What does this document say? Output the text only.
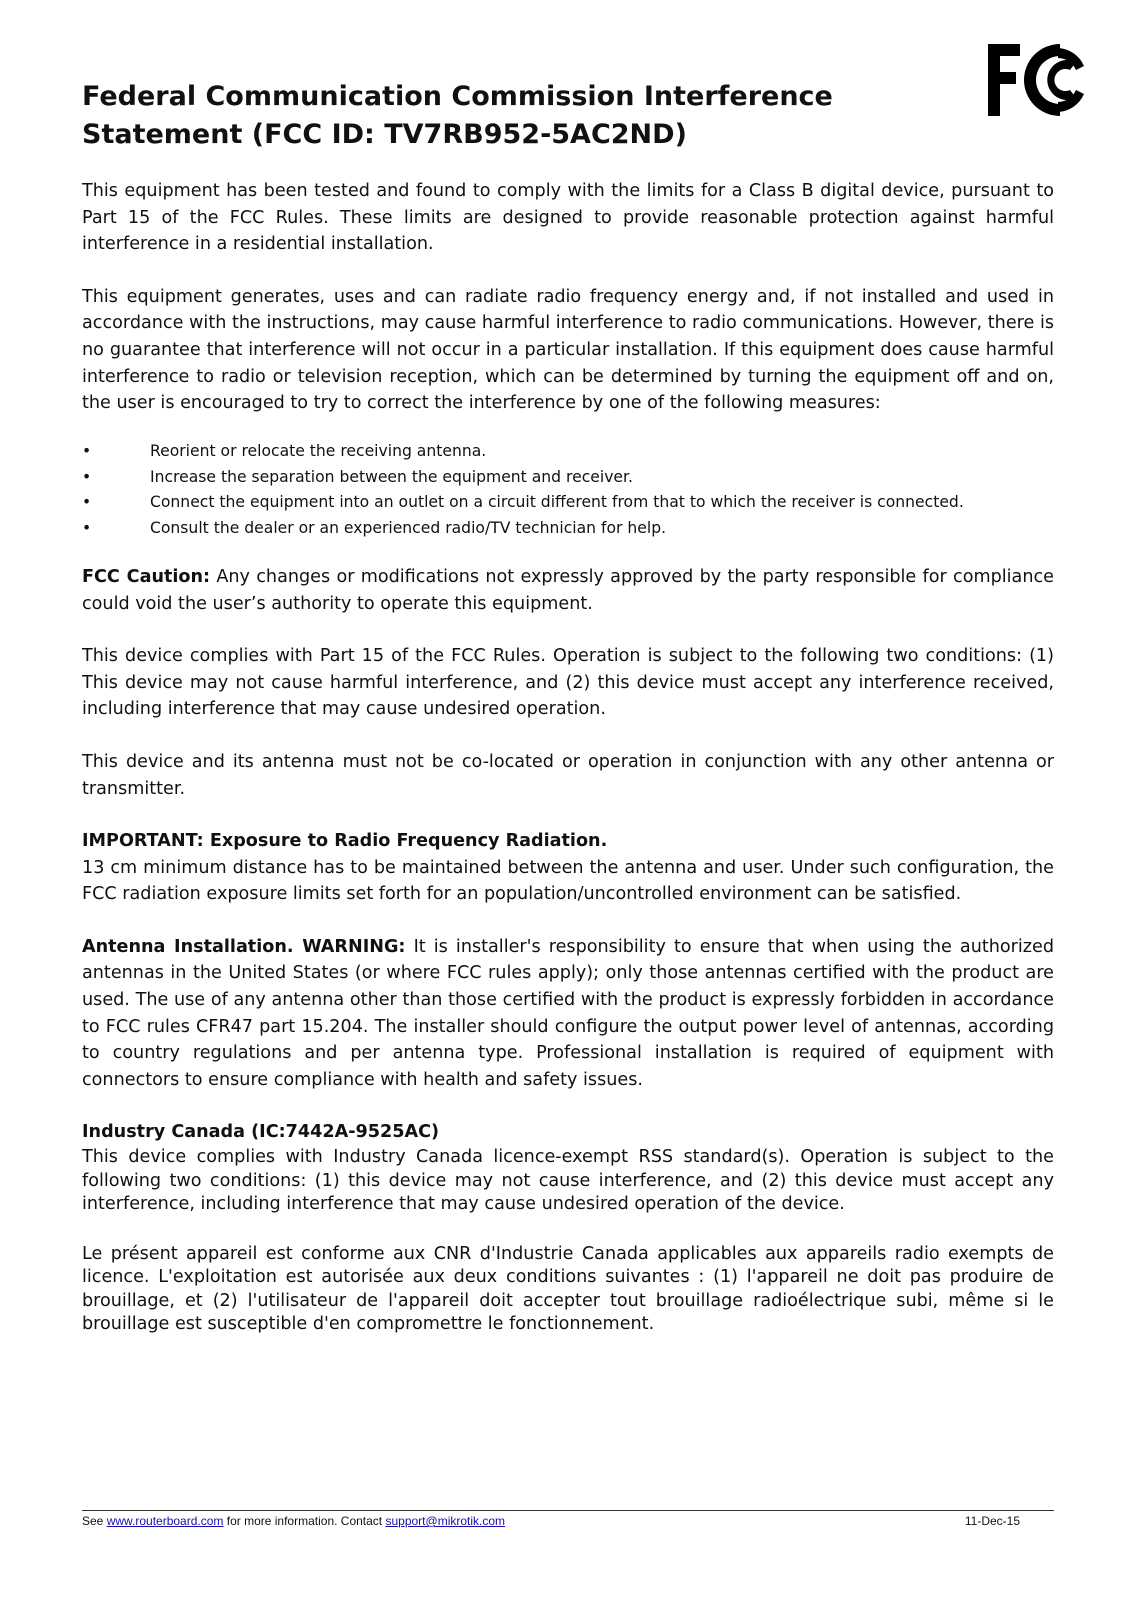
Federal Communication Commission Interference Statement (FCC ID: TV7RB952-5AC2ND)

This equipment has been tested and found to comply with the limits for a Class B digital device, pursuant to Part 15 of the FCC Rules. These limits are designed to provide reasonable protection against harmful interference in a residential installation.

This equipment generates, uses and can radiate radio frequency energy and, if not installed and used in accordance with the instructions, may cause harmful interference to radio communications. However, there is no guarantee that interference will not occur in a particular installation. If this equipment does cause harmful interference to radio or television reception, which can be determined by turning the equipment off and on, the user is encouraged to try to correct the interference by one of the following measures:

•	Reorient or relocate the receiving antenna.
•	Increase the separation between the equipment and receiver.
•	Connect the equipment into an outlet on a circuit different from that to which the receiver is connected.
•	Consult the dealer or an experienced radio/TV technician for help.

FCC Caution: Any changes or modifications not expressly approved by the party responsible for compliance could void the user’s authority to operate this equipment.

This device complies with Part 15 of the FCC Rules. Operation is subject to the following two conditions: (1) This device may not cause harmful interference, and (2) this device must accept any interference received, including interference that may cause undesired operation.

This device and its antenna must not be co-located or operation in conjunction with any other antenna or transmitter.

IMPORTANT: Exposure to Radio Frequency Radiation.

13 cm minimum distance has to be maintained between the antenna and user. Under such configuration, the FCC radiation exposure limits set forth for an population/uncontrolled environment can be satisfied.

Antenna Installation. WARNING: It is installer's responsibility to ensure that when using the authorized antennas in the United States (or where FCC rules apply); only those antennas certified with the product are used. The use of any antenna other than those certified with the product is expressly forbidden in accordance to FCC rules CFR47 part 15.204. The installer should configure the output power level of antennas, according to country regulations and per antenna type. Professional installation is required of equipment with connectors to ensure compliance with health and safety issues.

Industry Canada (IC:7442A-9525AC)

This device complies with Industry Canada licence-exempt RSS standard(s). Operation is subject to the following two conditions: (1) this device may not cause interference, and (2) this device must accept any interference, including interference that may cause undesired operation of the device.

Le présent appareil est conforme aux CNR d'Industrie Canada applicables aux appareils radio exempts de licence. L'exploitation est autorisée aux deux conditions suivantes : (1) l'appareil ne doit pas produire de brouillage, et (2) l'utilisateur de l'appareil doit accepter tout brouillage radioélectrique subi, même si le brouillage est susceptible d'en compromettre le fonctionnement.

See www.routerboard.com for more information. Contact support@mikrotik.com	11-Dec-15
